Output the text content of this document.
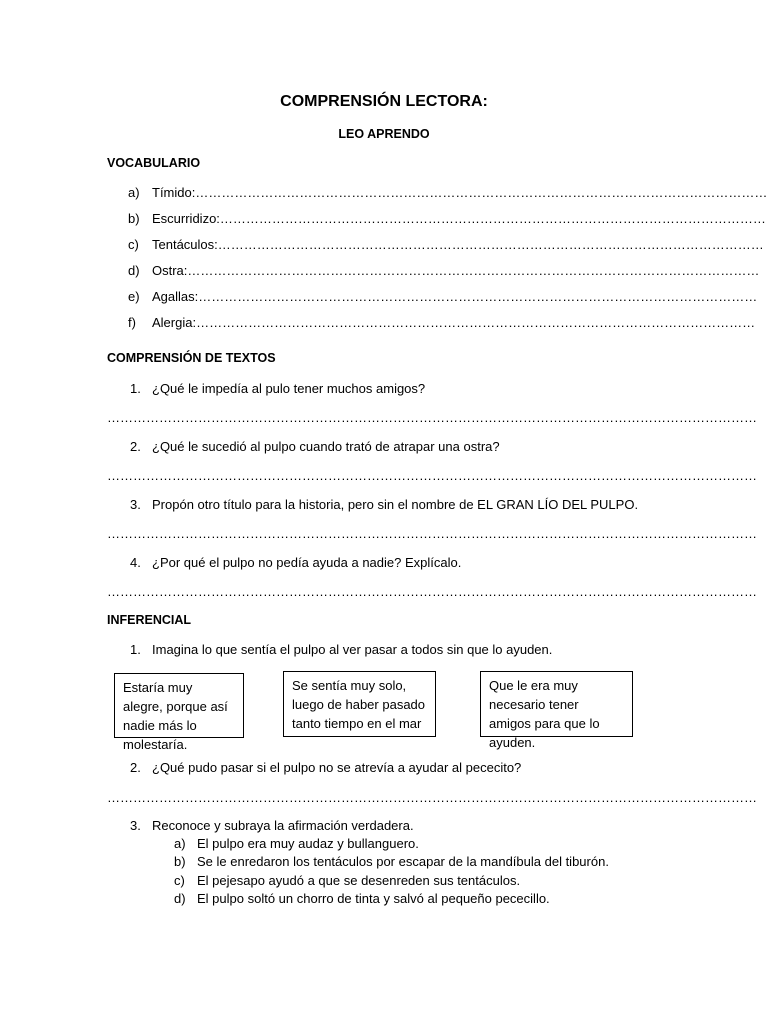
COMPRENSIÓN LECTORA:
LEO APRENDO
VOCABULARIO
a) Tímido:……………………………………………………………………………………………………………………
b) Escurridizo:………………………………………………………………………………………………………………
c) Tentáculos:………………………………………………………………………………………………………………
d) Ostra:……………………………………………………………………………………………………………………
e) Agallas:…………………………………………………………………………………………………………………
f) Alergia:…………………………………………………………………………………………………………………
COMPRENSIÓN DE TEXTOS
1. ¿Qué le impedía al pulo tener muchos amigos?
……………………………………………………………………………………………………………………………………
2. ¿Qué le sucedió al pulpo cuando trató de atrapar una ostra?
……………………………………………………………………………………………………………………………………
3. Propón otro título para la historia, pero sin el nombre de EL GRAN LÍO DEL PULPO.
……………………………………………………………………………………………………………………………………
4. ¿Por qué el pulpo no pedía ayuda a nadie? Explícalo.
……………………………………………………………………………………………………………………………………
INFERENCIAL
1. Imagina lo que sentía el pulpo al ver pasar a todos sin que lo ayuden.
Estaría muy alegre, porque así nadie más lo molestaría.
Se sentía muy solo, luego de haber pasado tanto tiempo en el mar
Que le era muy necesario tener amigos para que lo ayuden.
2. ¿Qué pudo pasar si el pulpo no se atrevía a ayudar al pececito?
……………………………………………………………………………………………………………………………………
3. Reconoce y subraya la afirmación verdadera.
a) El pulpo era muy audaz y bullanguero.
b) Se le enredaron los tentáculos por escapar de la mandíbula del tiburón.
c) El pejesapo ayudó a que se desenreden sus tentáculos.
d) El pulpo soltó un chorro de tinta y salvó al pequeño pececillo.
